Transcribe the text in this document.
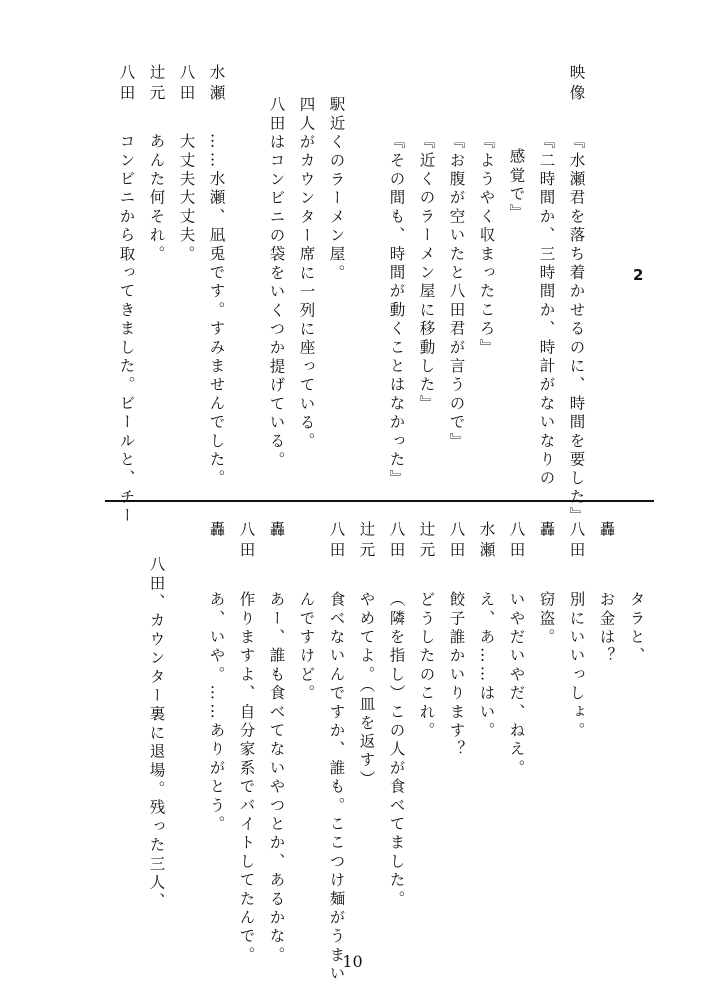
2
映像
『水瀬君を落ち着かせるのに、時間を要した』
『二時間か、三時間か、時計がないなりの
感覚で』
『ようやく収まったころ』
『お腹が空いたと八田君が言うので』
『近くのラーメン屋に移動した』
『その間も、時間が動くことはなかった』
駅近くのラーメン屋。
四人がカウンター席に一列に座っている。
八田はコンビニの袋をいくつか提げている。
水瀬
……水瀬、凪兎です。すみませんでした。
八田
大丈夫大丈夫。
辻元
あんた何それ。
八田
コンビニから取ってきました。ビールと、チー
轟
タラと、
お金は？
八田
別にいいっしょ。
轟
窃盗。
八田
いやだいやだ、ねえ。
水瀬
え、あ……はい。
八田
餃子誰かいります？
辻元
どうしたのこれ。
八田
（隣を指し）この人が食べてました。
辻元
やめてよ。（皿を返す）
八田
食べないんですか、誰も。ここつけ麺がうまい
んですけど。
轟
あー、誰も食べてないやつとか、あるかな。
八田
作りますよ、自分家系でバイトしてたんで。
轟
あ、いや。……ありがとう。
八田、カウンター裏に退場。残った三人、
10
